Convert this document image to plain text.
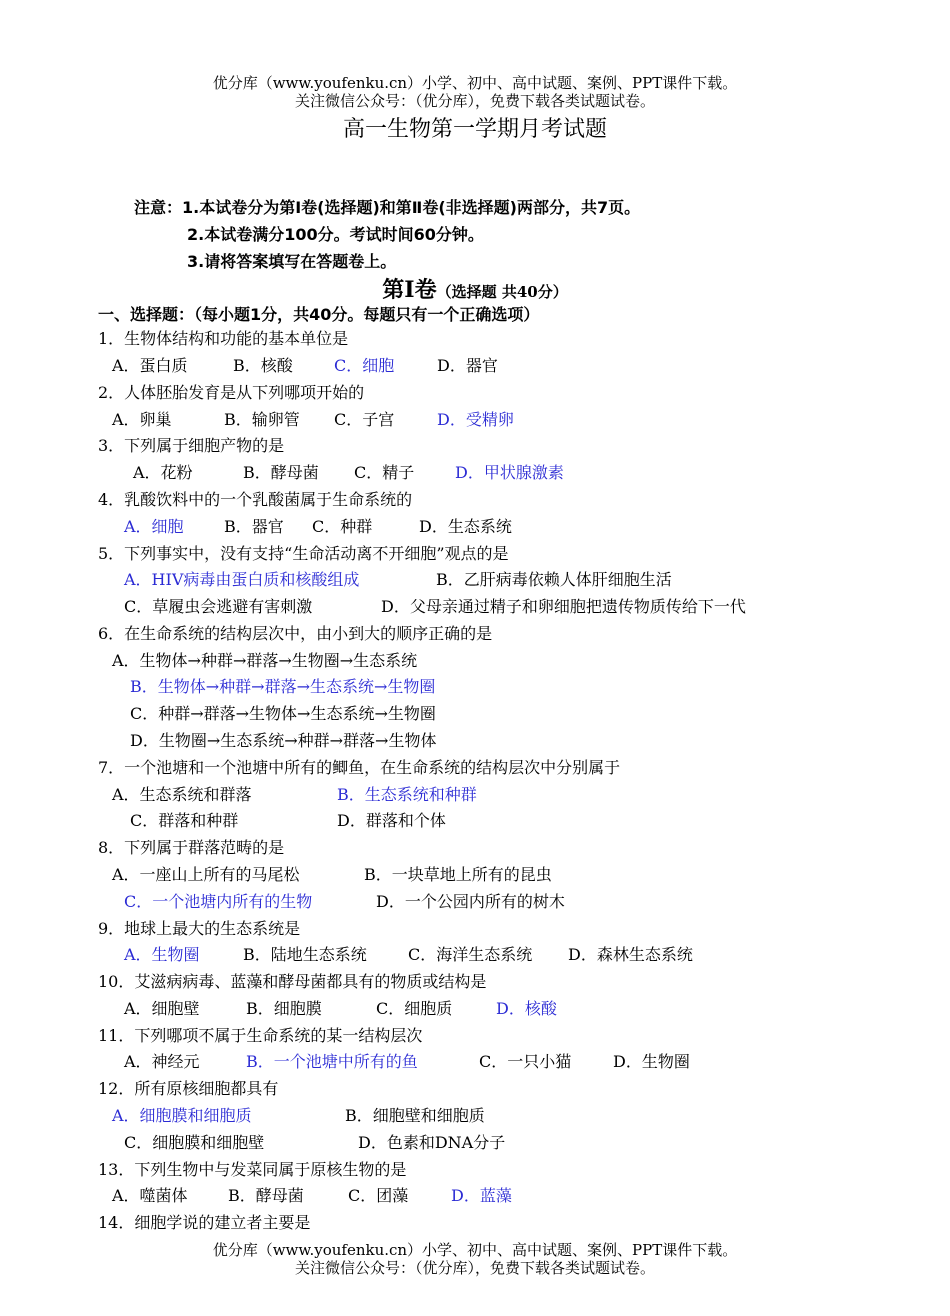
优分库（www.youfenku.cn）小学、初中、高中试题、案例、PPT课件下载。
关注微信公众号：（优分库），免费下载各类试题试卷。
高一生物第一学期月考试题
注意：1.本试卷分为第Ⅰ卷(选择题)和第Ⅱ卷(非选择题)两部分，共7页。
2.本试卷满分100分。考试时间60分钟。
3.请将答案填写在答题卷上。
第Ⅰ卷（选择题 共40分）
一、选择题：（每小题1分，共40分。每题只有一个正确选项）
1．生物体结构和功能的基本单位是
A．蛋白质	B．核酸	C．细胞	D．器官
2．人体胚胎发育是从下列哪项开始的
A．卵巢	B．输卵管 C．子宫	D．受精卵
3．下列属于细胞产物的是
A．花粉	B．酵母菌 C．精子	D．甲状腺激素
4．乳酸饮料中的一个乳酸菌属于生命系统的
A．细胞	B．器官 C．种群	D．生态系统
5．下列事实中，没有支持“生命活动离不开细胞”观点的是
A．HIV病毒由蛋白质和核酸组成	B．乙肝病毒依赖人体肝细胞生活
C．草履虫会逃避有害刺激	D．父母亲通过精子和卵细胞把遗传物质传给下一代
6．在生命系统的结构层次中，由小到大的顺序正确的是
A．生物体→种群→群落→生物圈→生态系统
B．生物体→种群→群落→生态系统→生物圈
C．种群→群落→生物体→生态系统→生物圈
D．生物圈→生态系统→种群→群落→生物体
7．一个池塘和一个池塘中所有的鲫鱼，在生命系统的结构层次中分别属于
A．生态系统和群落	B．生态系统和种群
C．群落和种群	D．群落和个体
8．下列属于群落范畴的是
A．一座山上所有的马尾松	B．一块草地上所有的昆虫
C．一个池塘内所有的生物	D．一个公园内所有的树木
9．地球上最大的生态系统是
A．生物圈	B．陆地生态系统	C．海洋生态系统 D．森林生态系统
10．艾滋病病毒、蓝藻和酵母菌都具有的物质或结构是
A．细胞壁	B．细胞膜	C．细胞质	D．核酸
11．下列哪项不属于生命系统的某一结构层次
A．神经元	B．一个池塘中所有的鱼	C．一只小猫	D．生物圈
12．所有原核细胞都具有
A．细胞膜和细胞质	B．细胞壁和细胞质
C．细胞膜和细胞壁	D．色素和DNA分子
13．下列生物中与发菜同属于原核生物的是
A．噬菌体	B．酵母菌	C．团藻	D．蓝藻
14．细胞学说的建立者主要是
优分库（www.youfenku.cn）小学、初中、高中试题、案例、PPT课件下载。
关注微信公众号：（优分库），免费下载各类试题试卷。
